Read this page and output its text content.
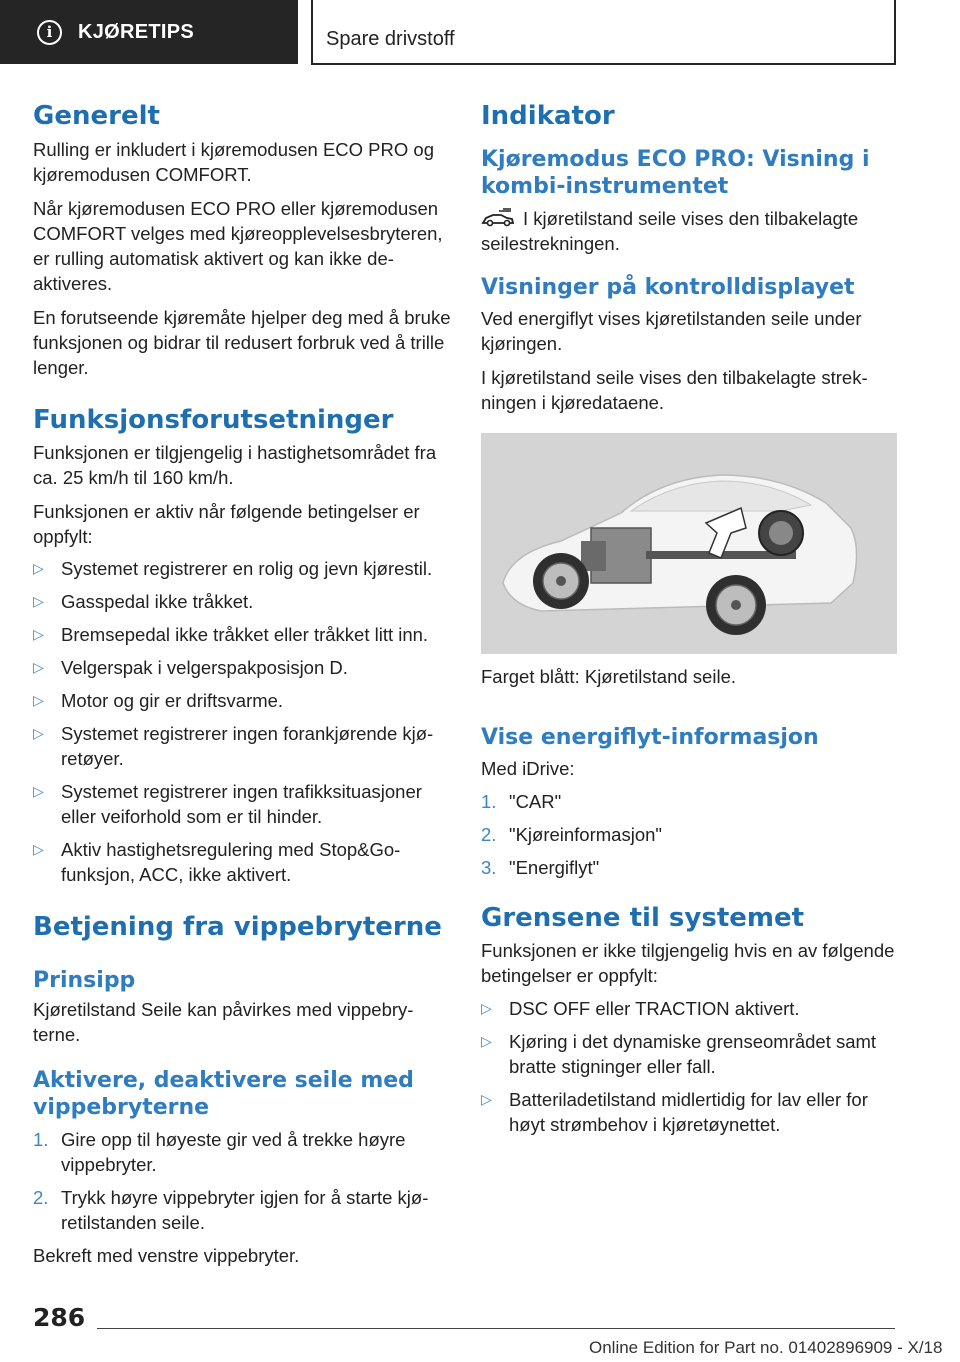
i	KJØRETIPS	Spare drivstoff
Generelt

Rulling er inkludert i kjøremodusen ECO PRO og kjøremodusen COMFORT.

Når kjøremodusen ECO PRO eller kjøremodusen COMFORT velges med kjøreopplevelsesbryteren, er rulling automatisk aktivert og kan ikke deaktiveres.

En forutseende kjøremåte hjelper deg med å bruke funksjonen og bidrar til redusert forbruk ved å trille lenger.

Funksjonsforutsetninger

Funksjonen er tilgjengelig i hastighetsområdet fra ca. 25 km/h til 160 km/h.

Funksjonen er aktiv når følgende betingelser er oppfylt:

▷ Systemet registrerer en rolig og jevn kjørestil.
▷ Gasspedal ikke tråkket.
▷ Bremsepedal ikke tråkket eller tråkket litt inn.
▷ Velgerspak i velgerspakposisjon D.
▷ Motor og gir er driftsvarme.
▷ Systemet registrerer ingen forankjørende kjøretøyer.
▷ Systemet registrerer ingen trafikksituasjoner eller veiforhold som er til hinder.
▷ Aktiv hastighetsregulering med Stop&Go-funksjon, ACC, ikke aktivert.
Betjening fra vippebryterne
Prinsipp

Kjøretilstand Seile kan påvirkes med vippebryterne.

Aktivere, deaktivere seile med vippebryterne
1. Gire opp til høyeste gir ved å trekke høyre vippebryter.
2. Trykk høyre vippebryter igjen for å starte kjøretilstanden seile.

Bekreft med venstre vippebryter.

Indikator
Kjøremodus ECO PRO: Visning i kombi-instrumentet

I kjøretilstand seile vises den tilbakelagte seilestrekningen.

Visninger på kontrolldisplayet

Ved energiflyt vises kjøretilstanden seile under kjøringen.

I kjøretilstand seile vises den tilbakelagte strekningen i kjøredataene.

Farget blått: Kjøretilstand seile.

Vise energiflyt-informasjon

Med iDrive:

1. "CAR"
2. "Kjøreinformasjon"
3. "Energiflyt"
Grensene til systemet

Funksjonen er ikke tilgjengelig hvis en av følgende betingelser er oppfylt:

▷ DSC OFF eller TRACTION aktivert.
▷ Kjøring i det dynamiske grenseområdet samt bratte stigninger eller fall.
▷ Batteriladetilstand midlertidig for lav eller for høyt strømbehov i kjøretøynettet.
286
Online Edition for Part no. 01402896909 - X/18
